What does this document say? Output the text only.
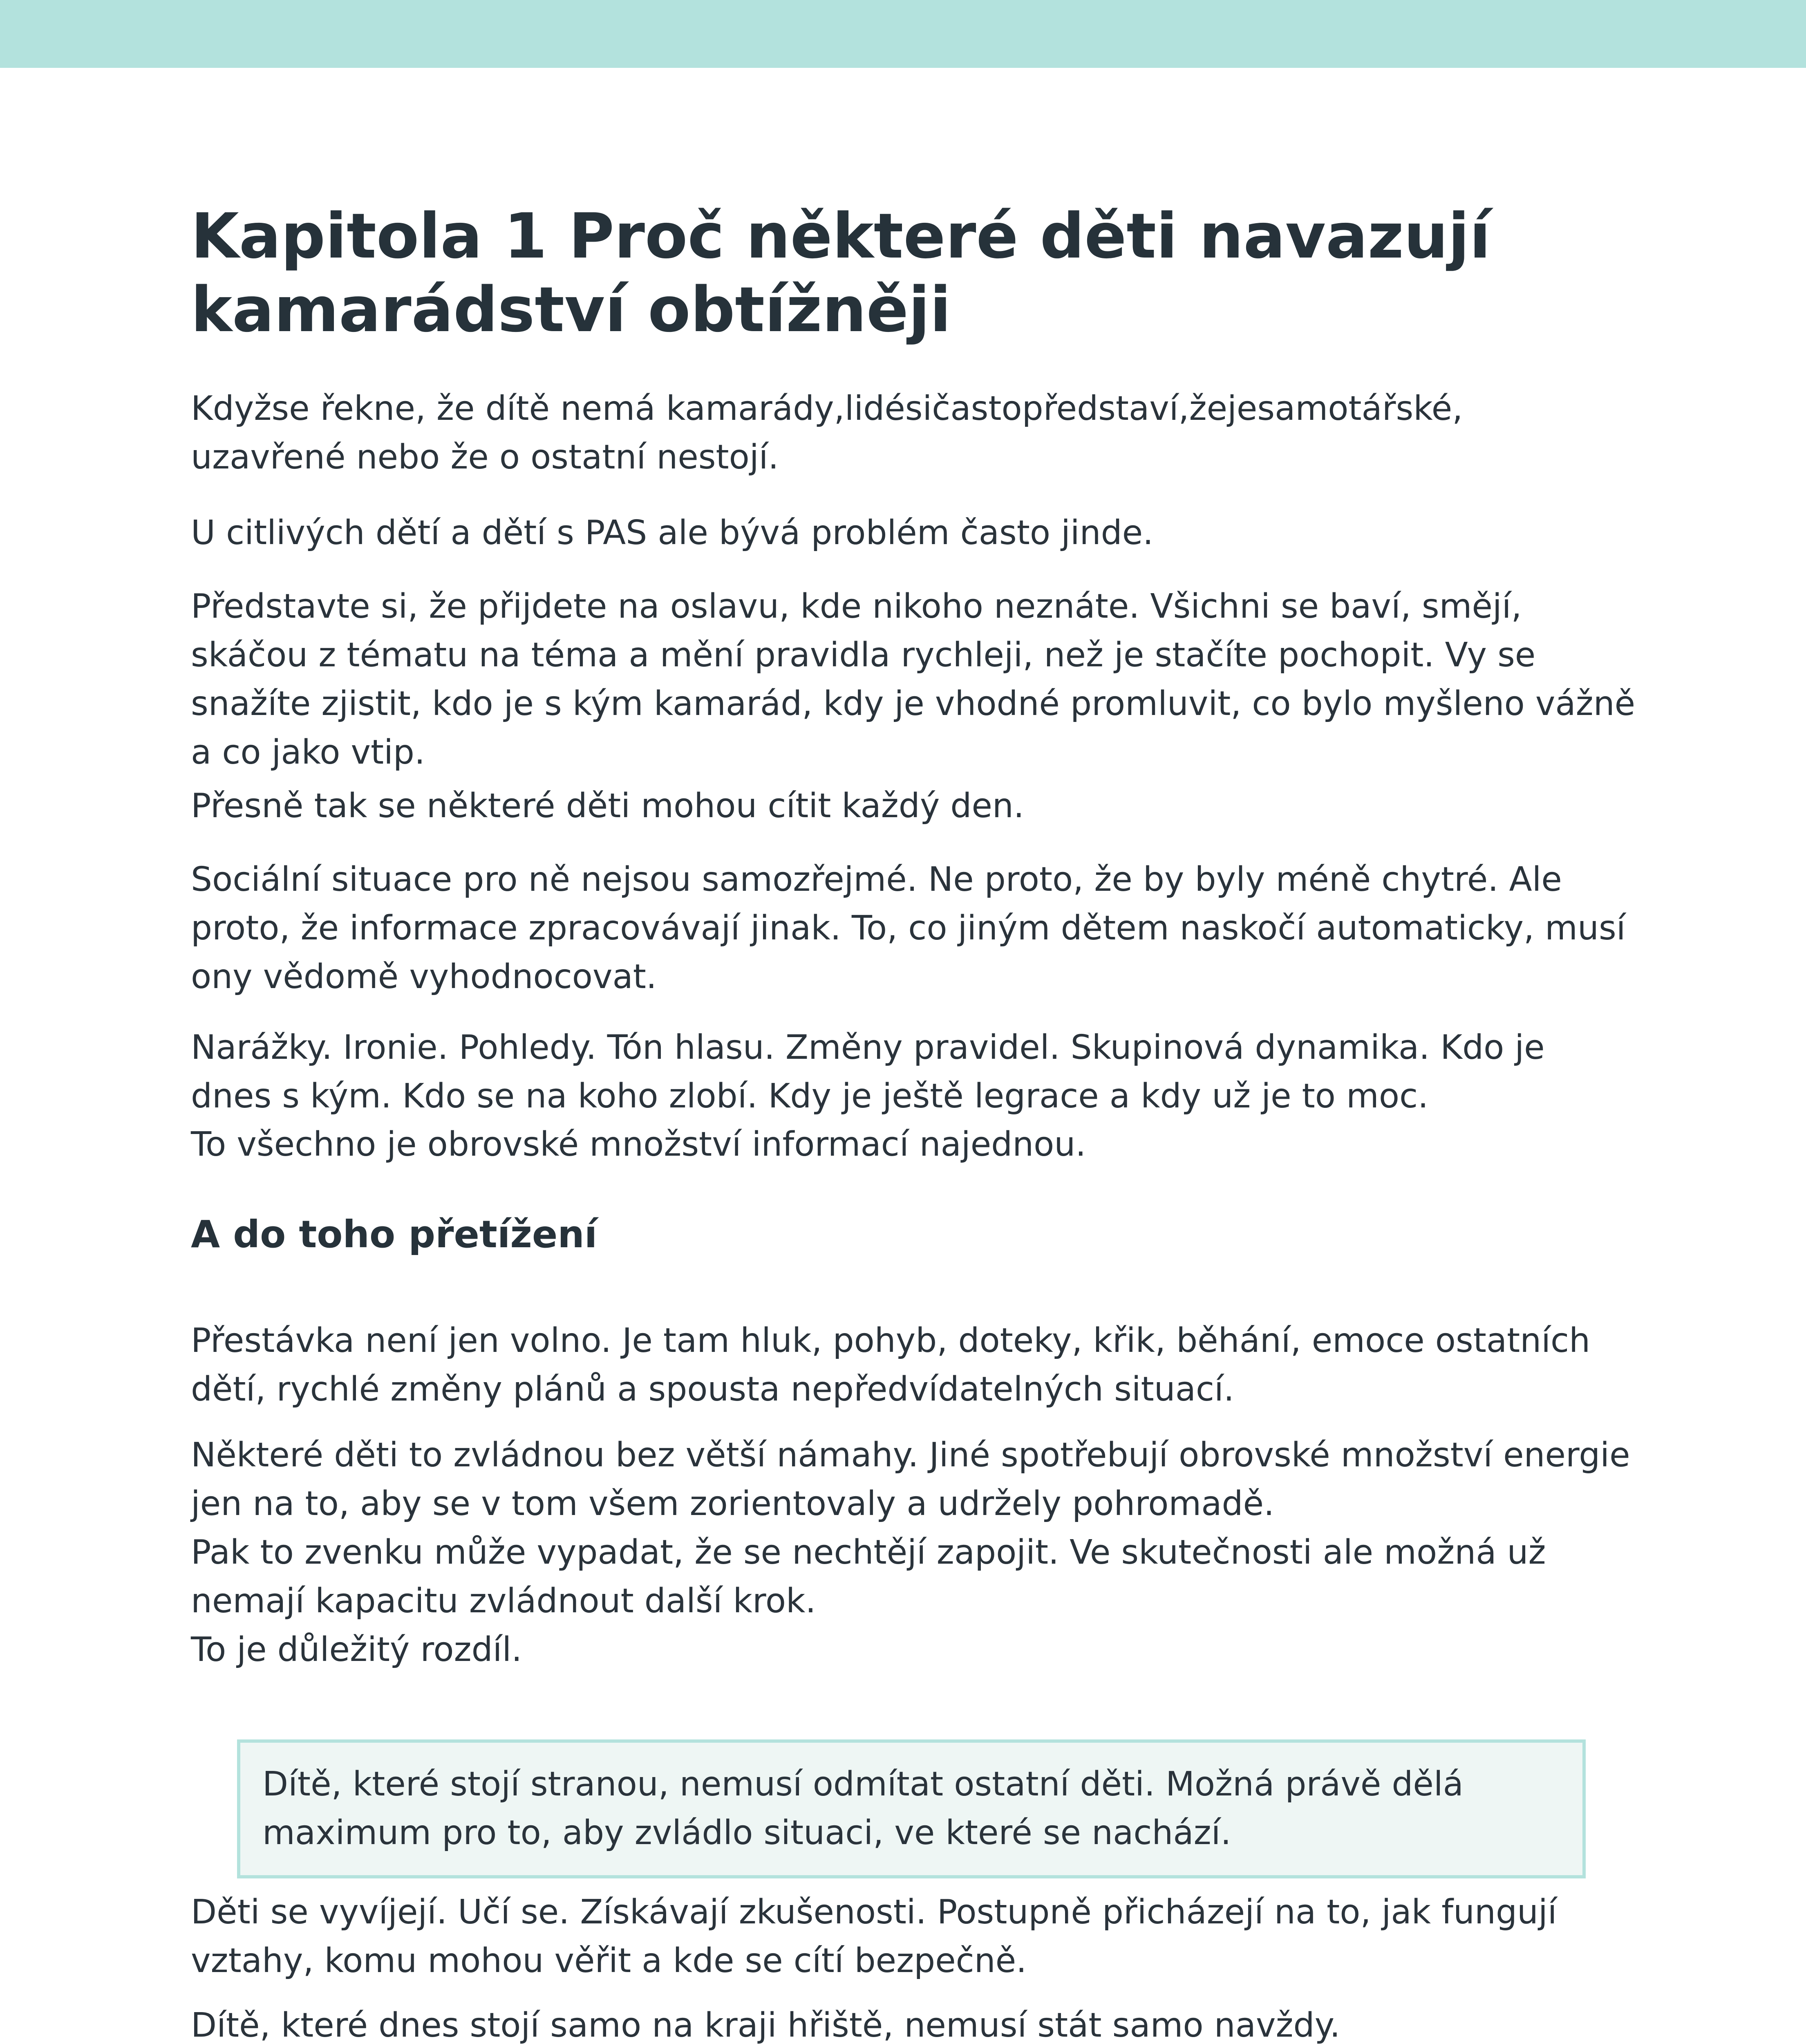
Kapitola 1 Proč některé děti navazují
kamarádství obtížněji

Kdyžse řekne, že dítě nemá kamarády,lidésičastopředstaví,žejesamotářské,
uzavřené nebo že o ostatní nestojí.

U citlivých dětí a dětí s PAS ale bývá problém často jinde.

Představte si, že přijdete na oslavu, kde nikoho neznáte. Všichni se baví, smějí,
skáčou z tématu na téma a mění pravidla rychleji, než je stačíte pochopit. Vy se
snažíte zjistit, kdo je s kým kamarád, kdy je vhodné promluvit, co bylo myšleno vážně
a co jako vtip.

Přesně tak se některé děti mohou cítit každý den.

Sociální situace pro ně nejsou samozřejmé. Ne proto, že by byly méně chytré. Ale
proto, že informace zpracovávají jinak. To, co jiným dětem naskočí automaticky, musí
ony vědomě vyhodnocovat.

Narážky. Ironie. Pohledy. Tón hlasu. Změny pravidel. Skupinová dynamika. Kdo je
dnes s kým. Kdo se na koho zlobí. Kdy je ještě legrace a kdy už je to moc.

To všechno je obrovské množství informací najednou.

A do toho přetížení

Přestávka není jen volno. Je tam hluk, pohyb, doteky, křik, běhání, emoce ostatních
dětí, rychlé změny plánů a spousta nepředvídatelných situací.

Některé děti to zvládnou bez větší námahy. Jiné spotřebují obrovské množství energie
jen na to, aby se v tom všem zorientovaly a udržely pohromadě.

Pak to zvenku může vypadat, že se nechtějí zapojit. Ve skutečnosti ale možná už
nemají kapacitu zvládnout další krok.

To je důležitý rozdíl.

Děti se vyvíjejí. Učí se. Získávají zkušenosti. Postupně přicházejí na to, jak fungují
vztahy, komu mohou věřit a kde se cítí bezpečně.

Dítě, které dnes stojí samo na kraji hřiště, nemusí stát samo navždy.

Dítě, které stojí stranou, nemusí odmítat ostatní děti. Možná právě dělá
maximum pro to, aby zvládlo situaci, ve které se nachází.
